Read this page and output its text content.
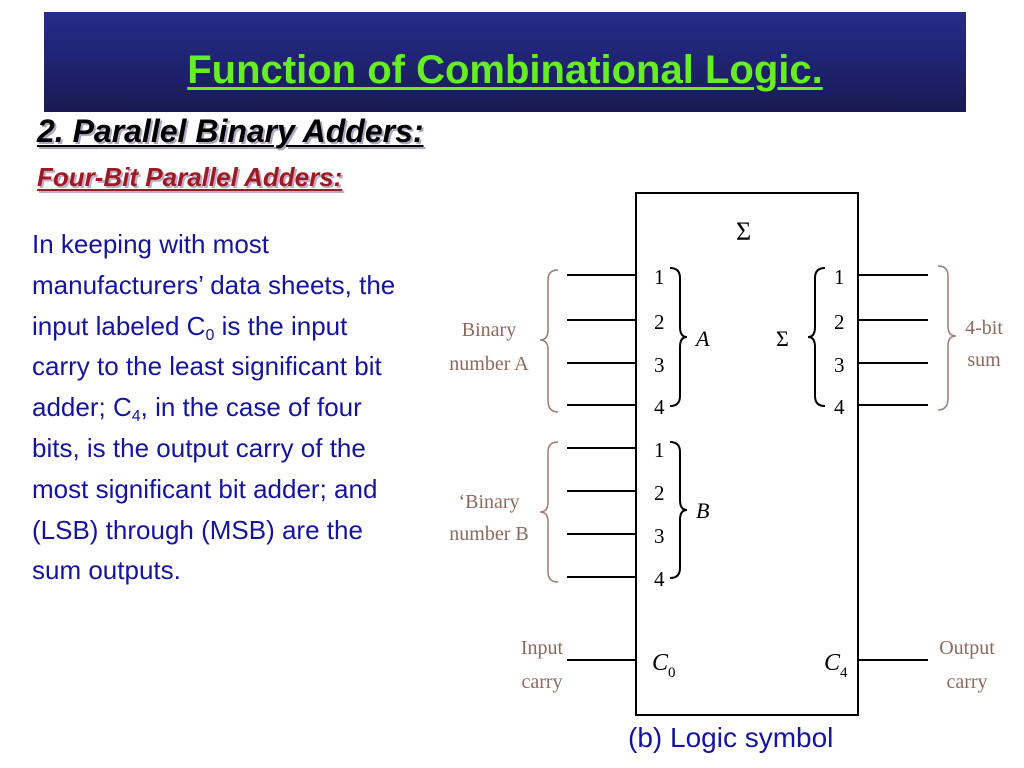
Function of Combinational Logic.
2. Parallel Binary Adders:
Four-Bit Parallel Adders:
In keeping with most manufacturers’ data sheets, the input labeled $C_0$ is the input carry to the least significant bit adder; $C_4$, in the case of four bits, is the output carry of the most significant bit adder; and (LSB) through (MSB) are the sum outputs.
Σ
1
2
3
4
1
2
3
4
1
2
3
4
A
B
Σ
$C_0$	$C_4$
Binary
number A
‘Binary
number B
4-bit
sum
Input
carry
Output
carry
(b) Logic symbol
